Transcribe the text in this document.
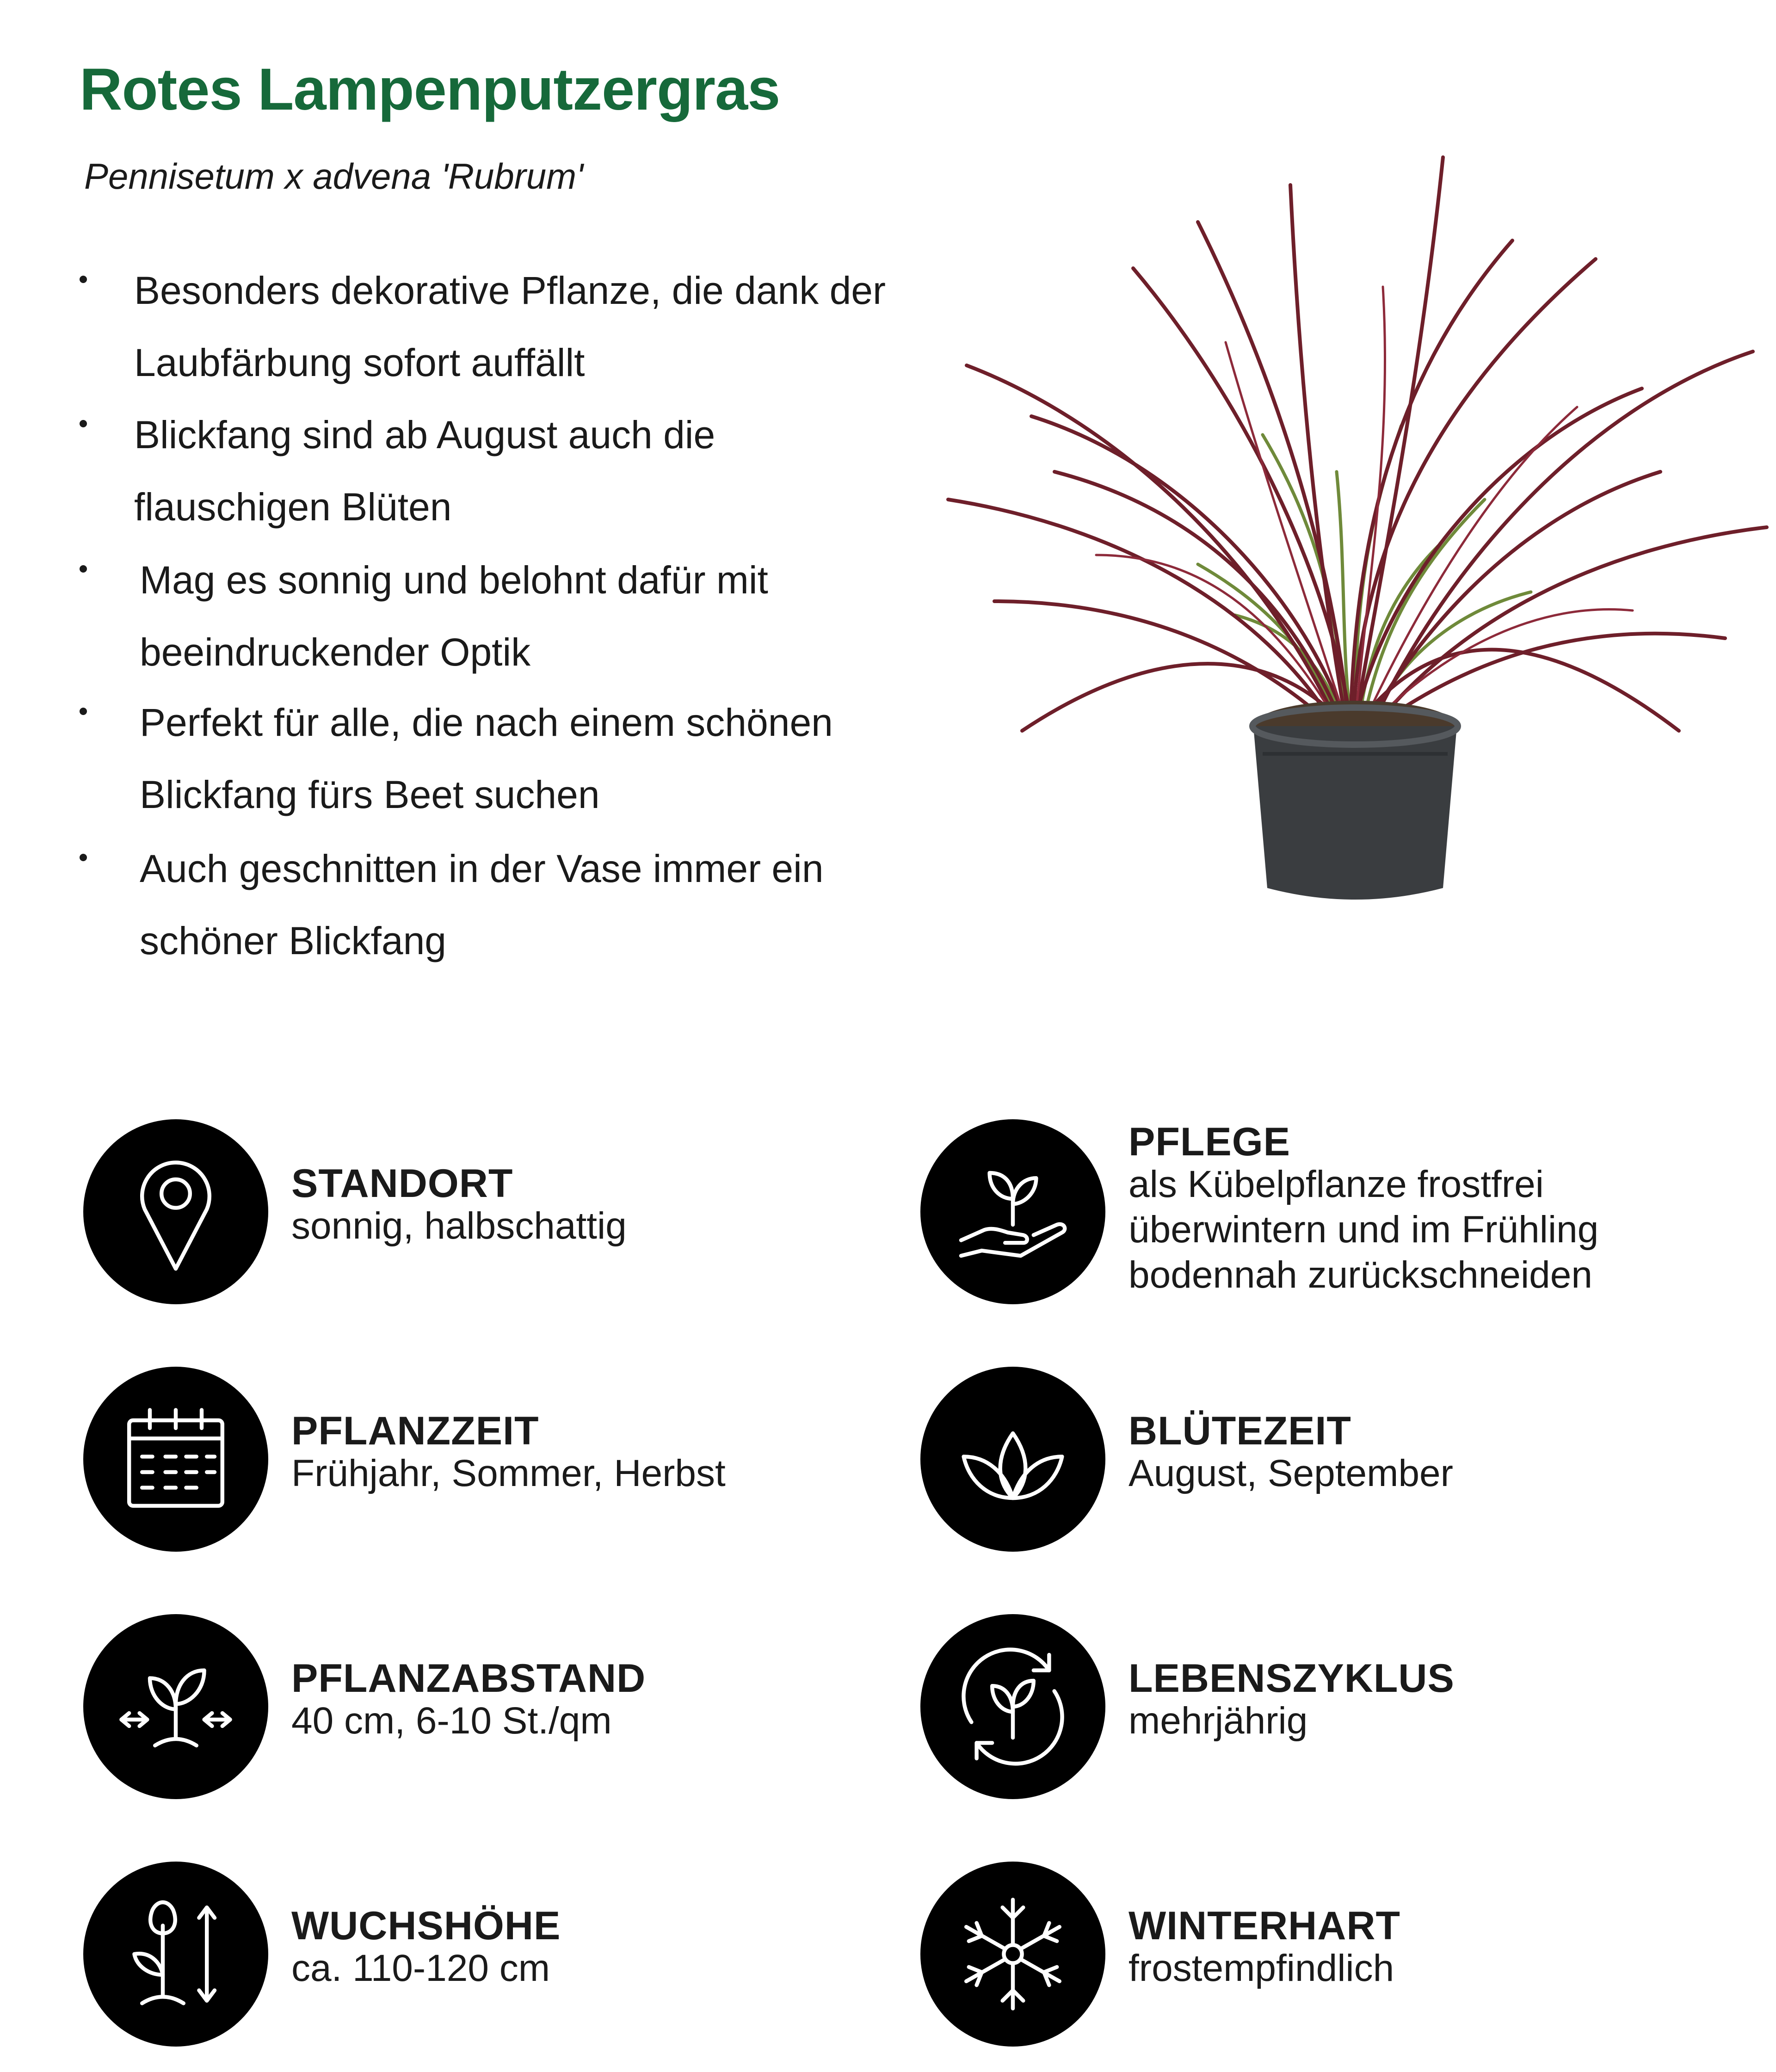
Rotes Lampenputzergras

Pennisetum x advena 'Rubrum'

Besonders dekorative Pflanze, die dank der
Laubfärbung sofort auffällt
Blickfang sind ab August auch die
flauschigen Blüten
Mag es sonnig und belohnt dafür mit
beeindruckender Optik
Perfekt für alle, die nach einem schönen
Blickfang fürs Beet suchen
Auch geschnitten in der Vase immer ein
schöner Blickfang
STANDORT
sonnig, halbschattig
PFLEGE
als Kübelpflanze frostfrei
überwintern und im Frühling
bodennah zurückschneiden
PFLANZZEIT
Frühjahr, Sommer, Herbst
BLÜTEZEIT
August, September
PFLANZABSTAND
40 cm, 6-10 St./qm
LEBENSZYKLUS
mehrjährig
WUCHSHÖHE
ca. 110-120 cm
WINTERHART
frostempfindlich
